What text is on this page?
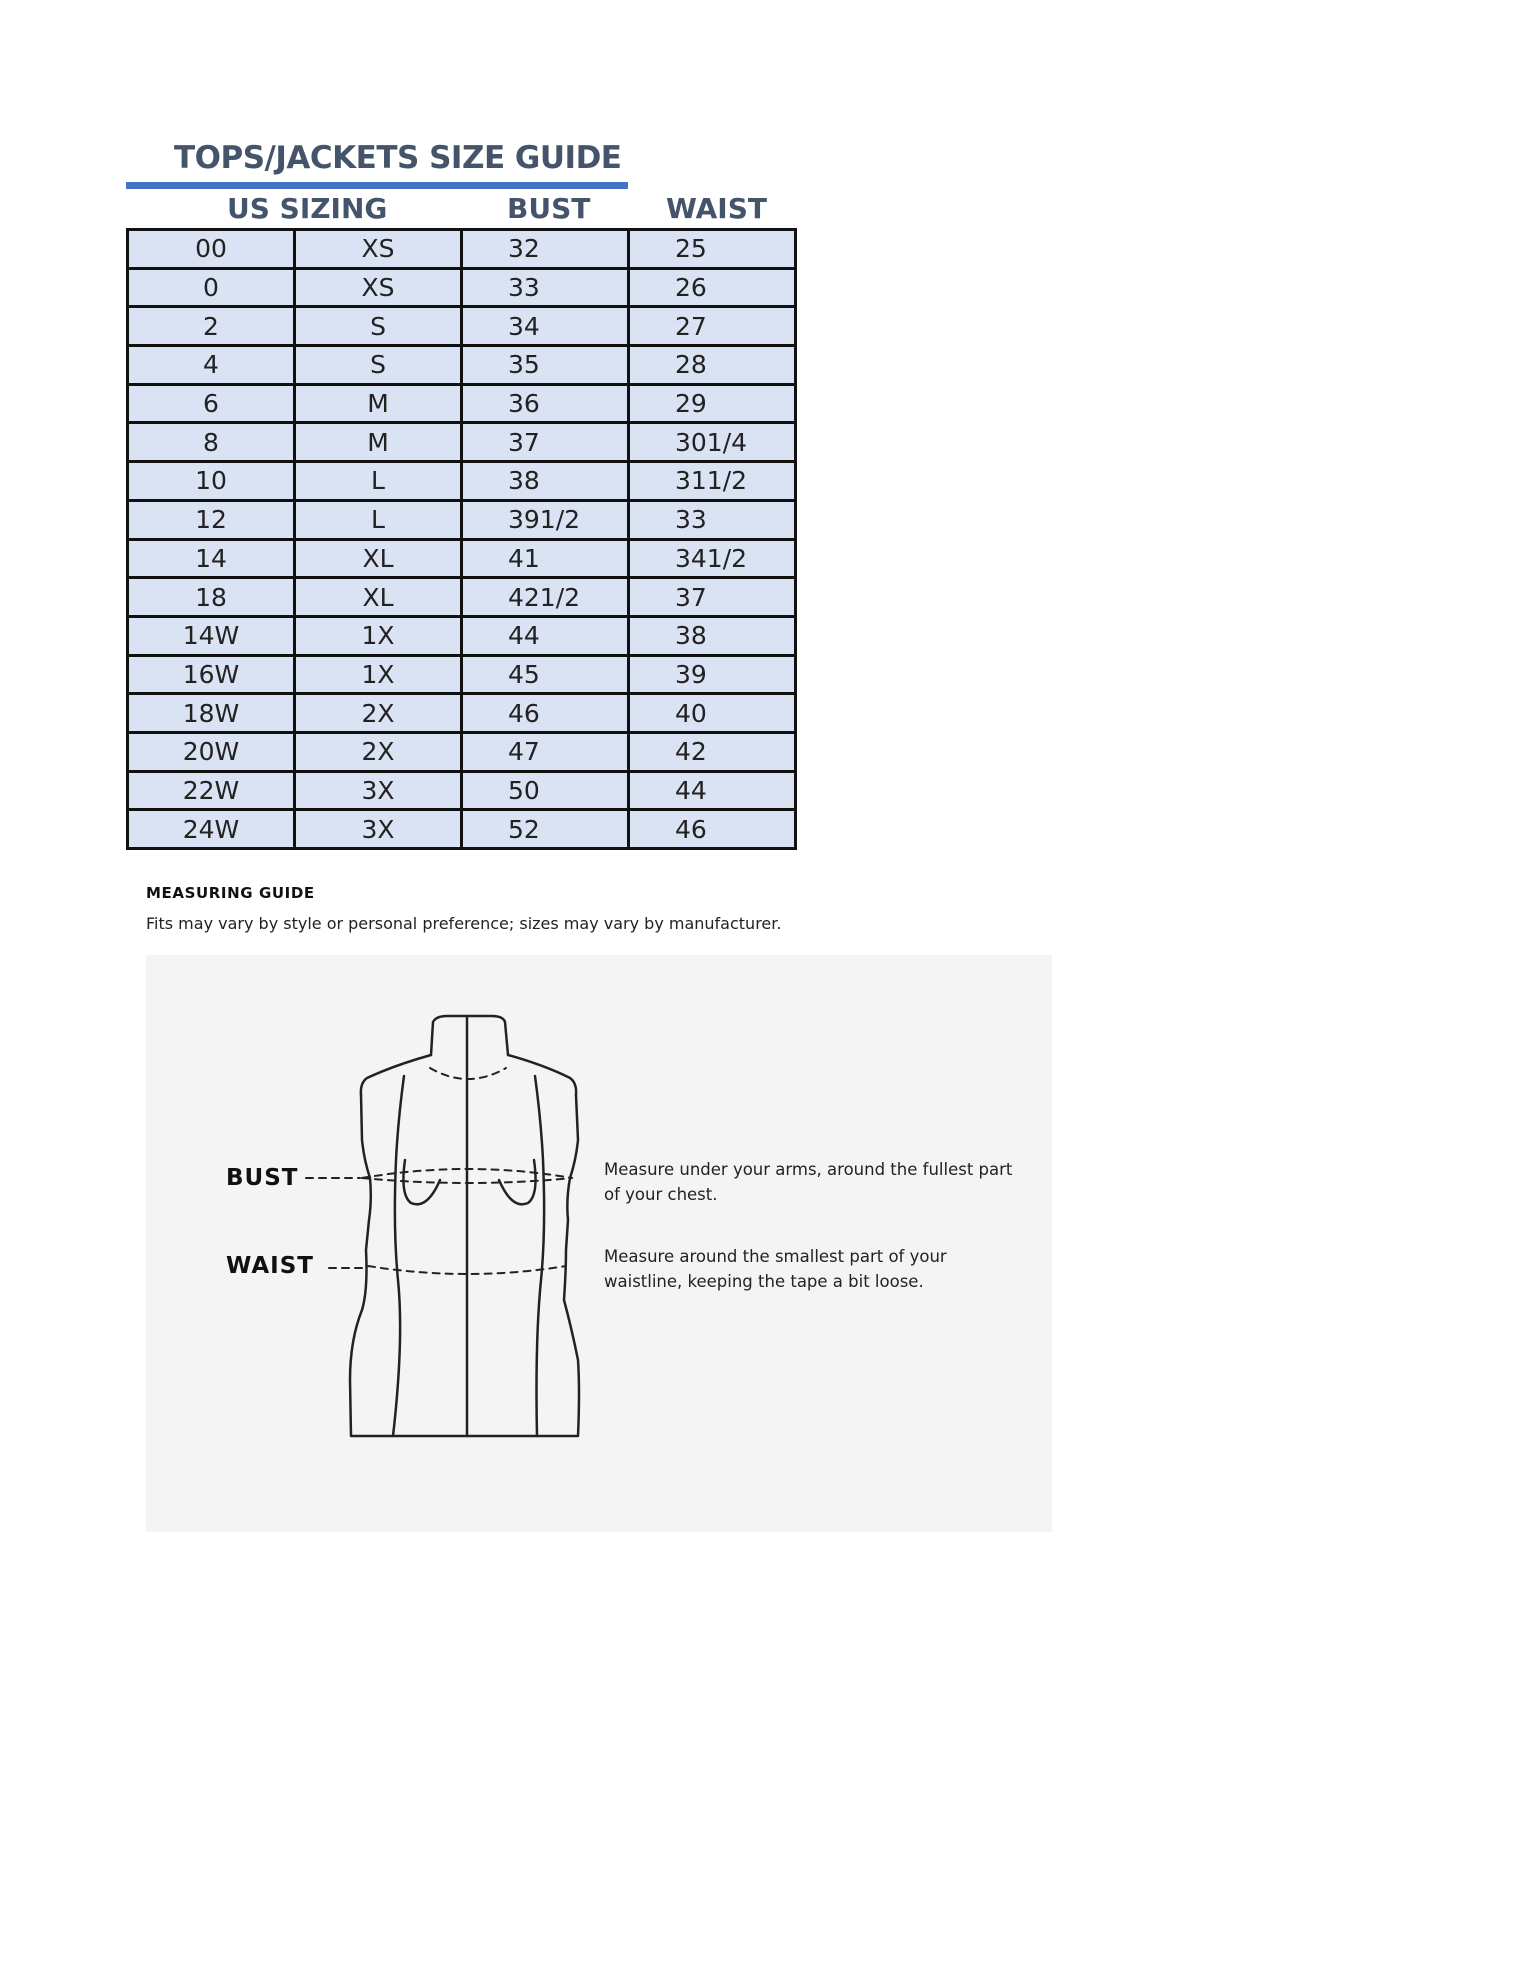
TOPS/JACKETS SIZE GUIDE
US SIZING	BUST	WAIST
00	XS	32	25
0	XS	33	26
2	S	34	27
4	S	35	28
6	M	36	29
8	M	37	301/4
10	L	38	311/2
12	L	391/2	33
14	XL	41	341/2
18	XL	421/2	37
14W	1X	44	38
16W	1X	45	39
18W	2X	46	40
20W	2X	47	42
22W	3X	50	44
24W	3X	52	46

MEASURING GUIDE

Fits may vary by style or personal preference; sizes may vary by manufacturer.

BUST
WAIST
Measure under your arms, around the fullest part of your chest.
Measure around the smallest part of your waistline, keeping the tape a bit loose.
